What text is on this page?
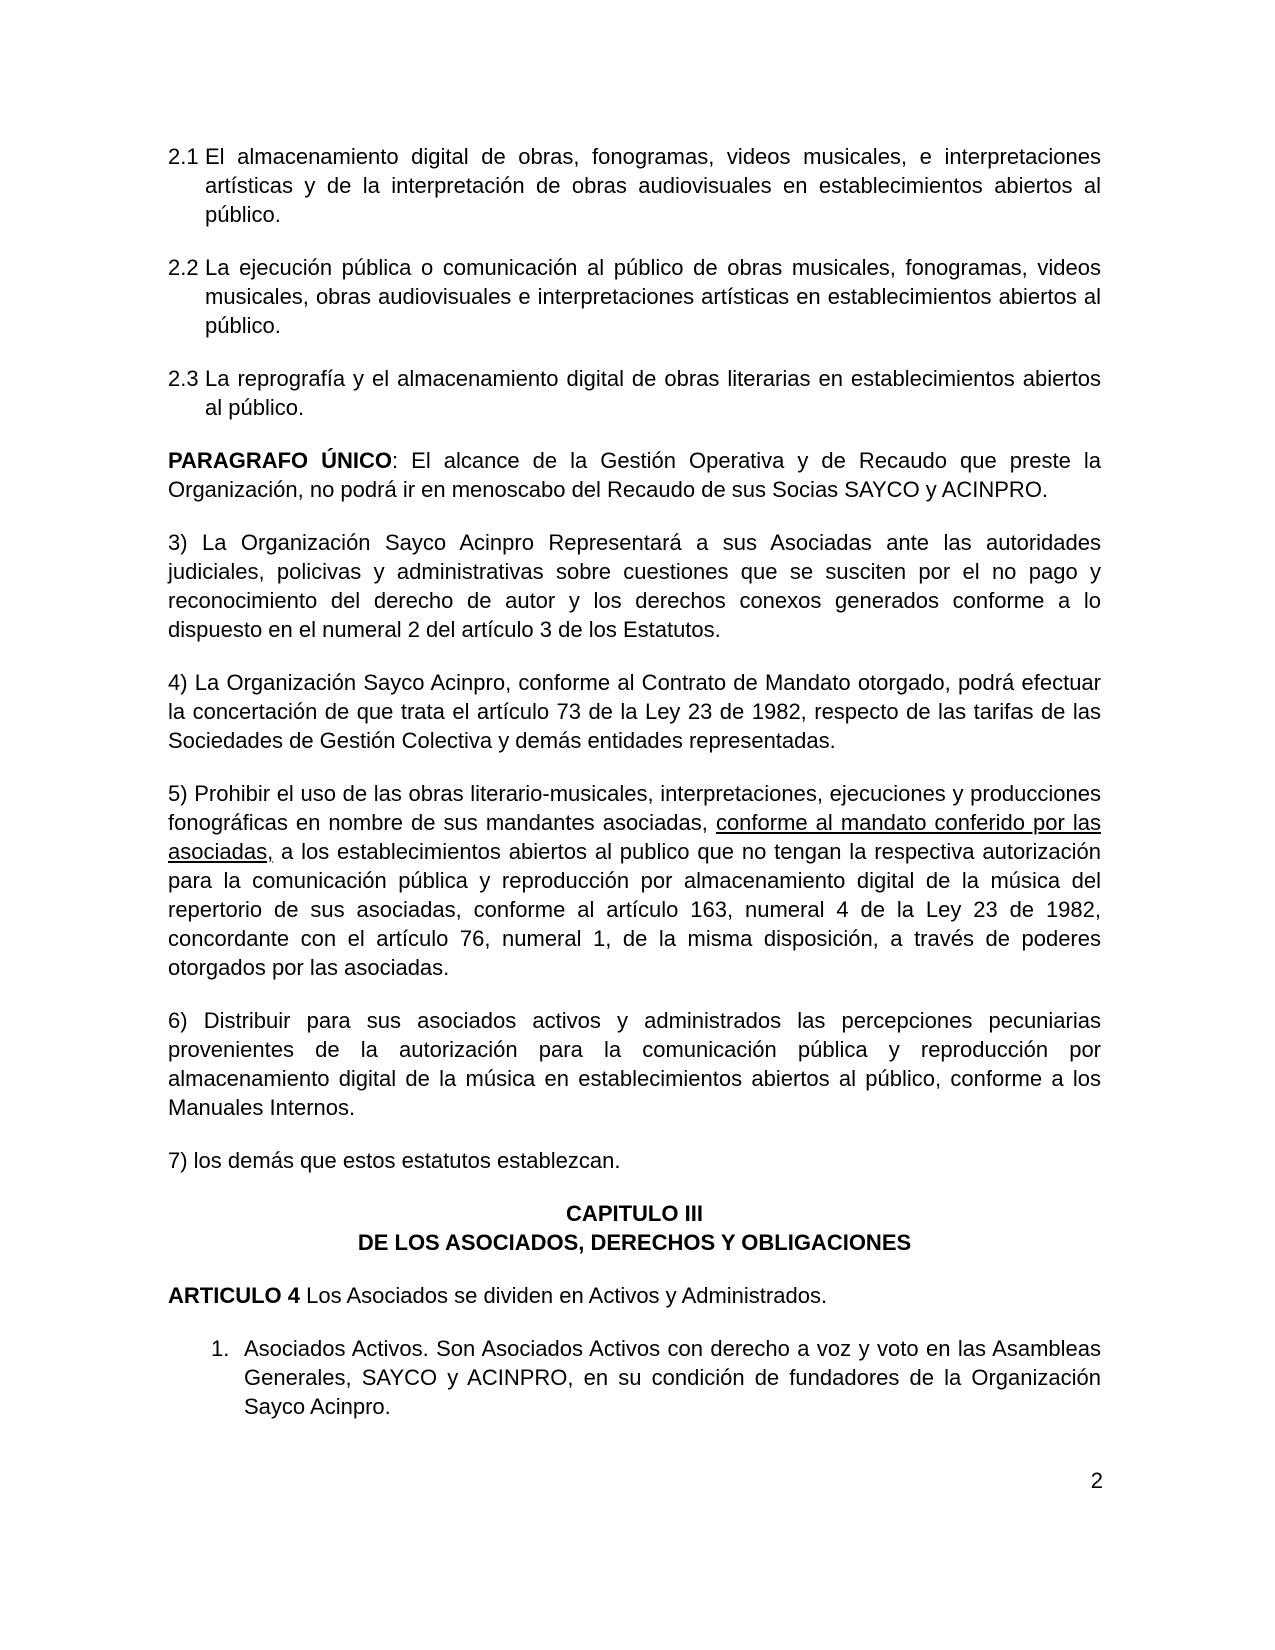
2.1 El almacenamiento digital de obras, fonogramas, videos musicales, e interpretaciones artísticas y de la interpretación de obras audiovisuales en establecimientos abiertos al público.
2.2 La ejecución pública o comunicación al público de obras musicales, fonogramas, videos musicales, obras audiovisuales e interpretaciones artísticas en establecimientos abiertos al público.
2.3 La reprografía y el almacenamiento digital de obras literarias en establecimientos abiertos al público.

PARAGRAFO ÚNICO: El alcance de la Gestión Operativa y de Recaudo que preste la Organización, no podrá ir en menoscabo del Recaudo de sus Socias SAYCO y ACINPRO.

3) La Organización Sayco Acinpro Representará a sus Asociadas ante las autoridades judiciales, policivas y administrativas sobre cuestiones que se susciten por el no pago y reconocimiento del derecho de autor y los derechos conexos generados conforme a lo dispuesto en el numeral 2 del artículo 3 de los Estatutos.

4) La Organización Sayco Acinpro, conforme al Contrato de Mandato otorgado, podrá efectuar la concertación de que trata el artículo 73 de la Ley 23 de 1982, respecto de las tarifas de las Sociedades de Gestión Colectiva y demás entidades representadas.

5) Prohibir el uso de las obras literario-musicales, interpretaciones, ejecuciones y producciones fonográficas en nombre de sus mandantes asociadas, conforme al mandato conferido por las asociadas, a los establecimientos abiertos al publico que no tengan la respectiva autorización para la comunicación pública y reproducción por almacenamiento digital de la música del repertorio de sus asociadas, conforme al artículo 163, numeral 4 de la Ley 23 de 1982, concordante con el artículo 76, numeral 1, de la misma disposición, a través de poderes otorgados por las asociadas.

6) Distribuir para sus asociados activos y administrados las percepciones pecuniarias provenientes de la autorización para la comunicación pública y reproducción por almacenamiento digital de la música en establecimientos abiertos al público, conforme a los Manuales Internos.

7) los demás que estos estatutos establezcan.

CAPITULO III
DE LOS ASOCIADOS, DERECHOS Y OBLIGACIONES

ARTICULO 4 Los Asociados se dividen en Activos y Administrados.

1. Asociados Activos. Son Asociados Activos con derecho a voz y voto en las Asambleas Generales, SAYCO y ACINPRO, en su condición de fundadores de la Organización Sayco Acinpro.
2
